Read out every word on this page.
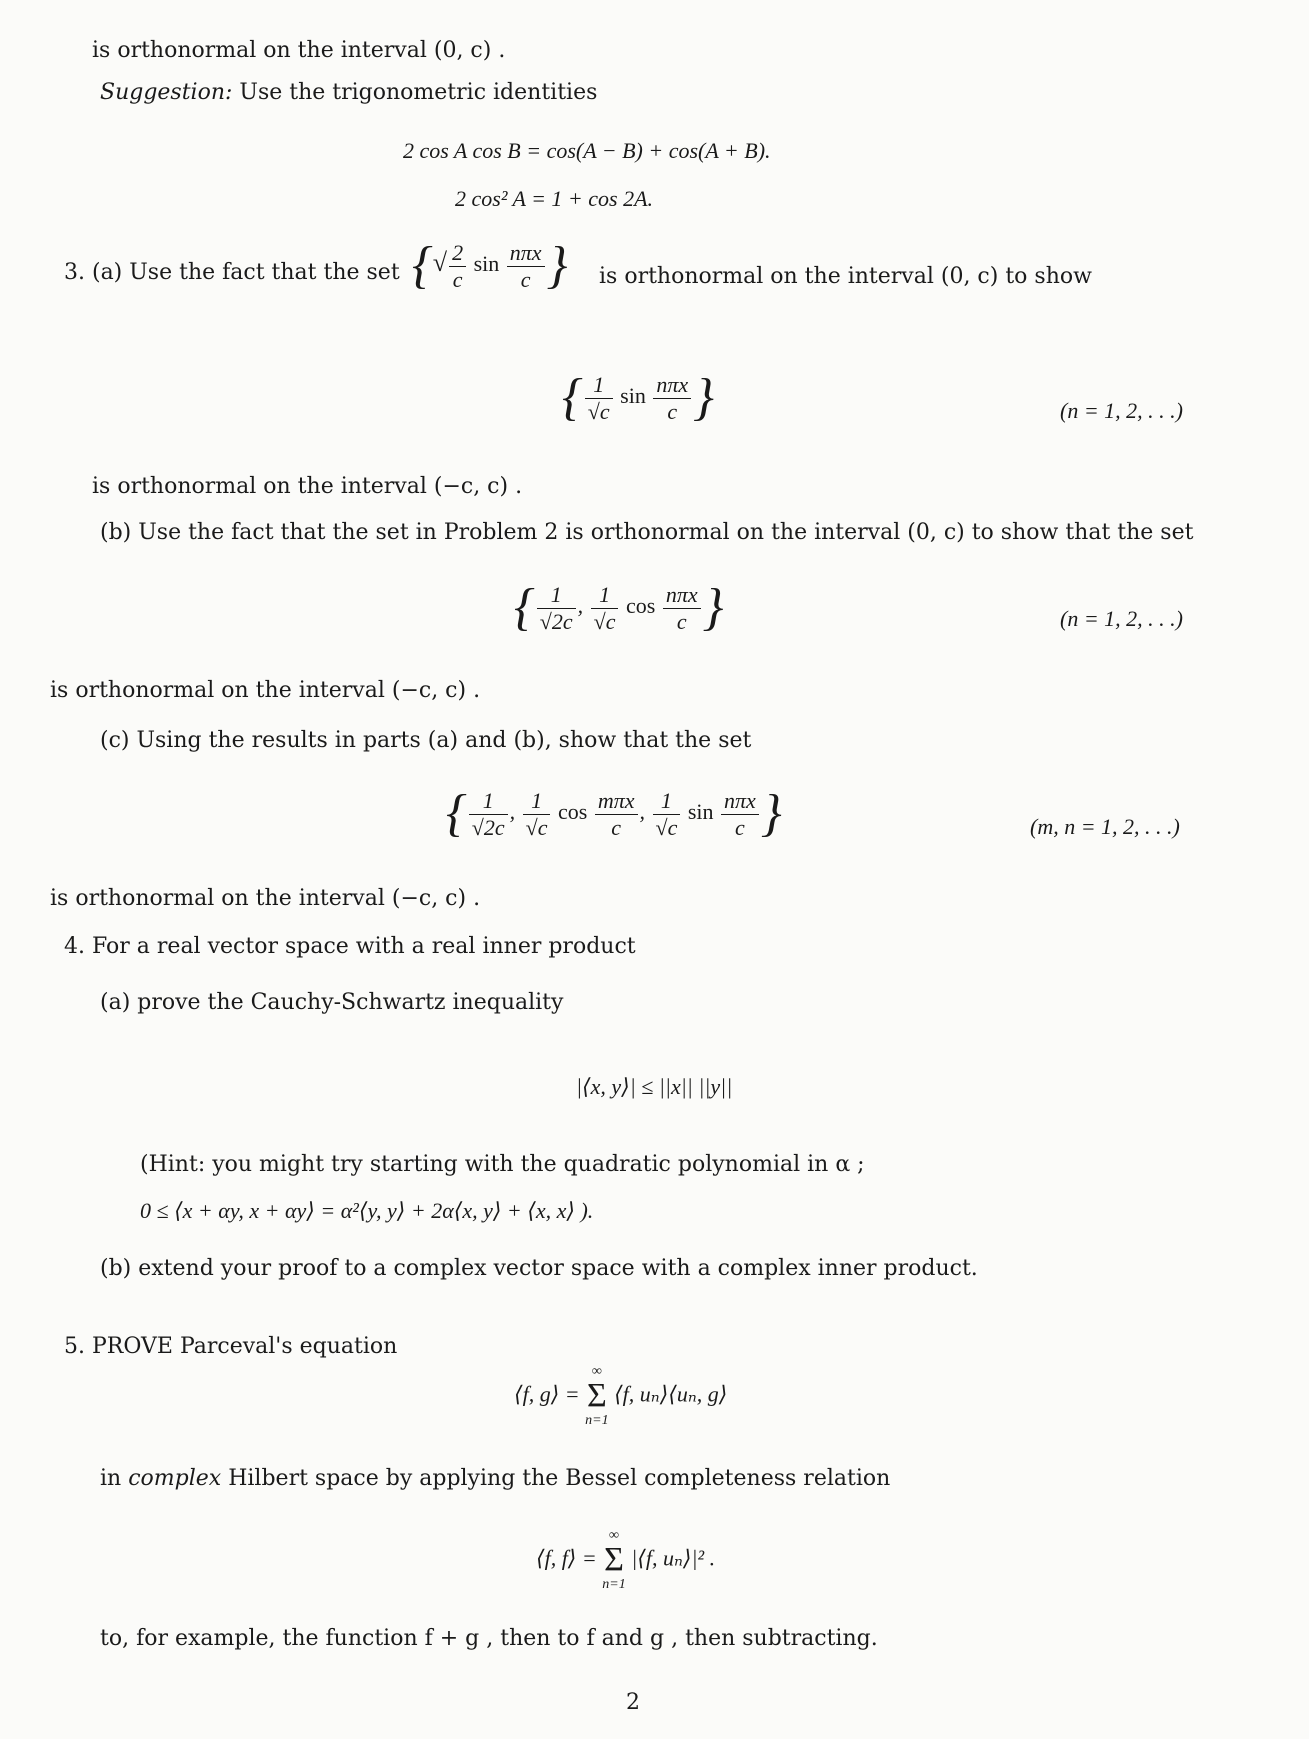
is orthonormal on the interval (0, c) .
Suggestion: Use the trigonometric identities
2 cos A cos B = cos(A − B) + cos(A + B).
2 cos² A = 1 + cos 2A.
3. (a) Use the fact that the set {√ $\frac{2}{c}$ $\sin \frac{\text{nπx}}{c}$ } is orthonormal on the interval (0, c) to show
{ $\frac{1}{√c}$ $\sin \frac{\text{nπx}}{c}$ }	(n = 1, 2, . . .)
is orthonormal on the interval (−c, c) .
(b) Use the fact that the set in Problem 2 is orthonormal on the interval (0, c) to show that the set
{ $\frac{1}{√2c}$ , $\frac{1}{√c}$ $\cos \frac{\text{nπx}}{c}$ }	(n = 1, 2, . . .)
is orthonormal on the interval (−c, c) .
(c) Using the results in parts (a) and (b), show that the set
{ $\frac{1}{√2c}$ , $\frac{1}{√c}$ $\cos \frac{\text{mπx}}{c}$ , $\frac{1}{√c}$ $\sin \frac{\text{nπx}}{c}$ }	(m, n = 1, 2, . . .)
is orthonormal on the interval (−c, c) .
4. For a real vector space with a real inner product
(a) prove the Cauchy-Schwartz inequality
|⟨x, y⟩| ≤ ||x|| ||y||
(Hint: you might try starting with the quadratic polynomial in α ;
0 ≤ ⟨x + αy, x + αy⟩ = α²⟨y, y⟩ + 2α⟨x, y⟩ + ⟨x, x⟩ ).
(b) extend your proof to a complex vector space with a complex inner product.
5. PROVE Parceval's equation
⟨f, g⟩ = ∞
Σ
n=1 ⟨f, uₙ⟩⟨uₙ, g⟩
in complex Hilbert space by applying the Bessel completeness relation
⟨f, f⟩ = ∞
Σ
n=1 |⟨f, uₙ⟩|² .
to, for example, the function f + g , then to f and g , then subtracting.
2
